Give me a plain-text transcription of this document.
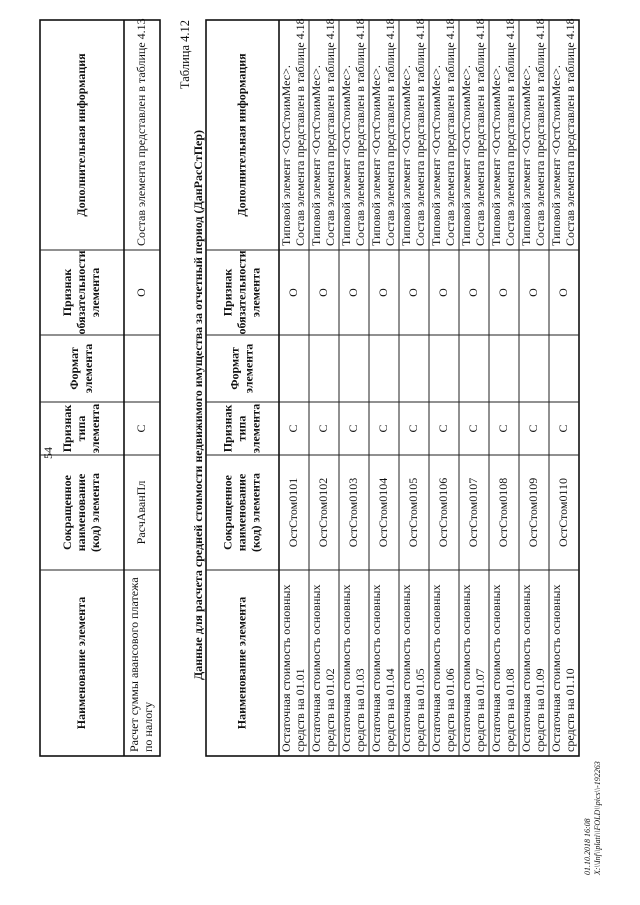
54
Наименование элемента
Сокращенное наименование (код) элемента
Признак типа элемента
Формат элемента
Признак обязательности элемента
Дополнительная информация
Расчет суммы авансового платежа по налогу
РасчАванПл
С
О
Состав элемента представлен в таблице 4.13 Таблица 4.12
Данные для расчета средней стоимости недвижимого имущества за отчетный период (ДанРасСтПер) Наименование элемента
Сокращенное наименование (код) элемента
Признак типа элемента
Формат элемента
Признак обязательности элемента
Дополнительная информация
Остаточная стоимость основных средств на 01.01
ОстСтом0101
С
О
Типовой элемент <ОстСтоимМес>. Состав элемента представлен в таблице 4.18
Остаточная стоимость основных средств на 01.02
ОстСтом0102
С
О
Типовой элемент <ОстСтоимМес>. Состав элемента представлен в таблице 4.18
Остаточная стоимость основных средств на 01.03
ОстСтом0103
С
О
Типовой элемент <ОстСтоимМес>. Состав элемента представлен в таблице 4.18
Остаточная стоимость основных средств на 01.04
ОстСтом0104
С
О
Типовой элемент <ОстСтоимМес>. Состав элемента представлен в таблице 4.18
Остаточная стоимость основных средств на 01.05
ОстСтом0105
С
О
Типовой элемент <ОстСтоимМес>. Состав элемента представлен в таблице 4.18
Остаточная стоимость основных средств на 01.06
ОстСтом0106
С
О
Типовой элемент <ОстСтоимМес>. Состав элемента представлен в таблице 4.18
Остаточная стоимость основных средств на 01.07
ОстСтом0107
С
О
Типовой элемент <ОстСтоимМес>. Состав элемента представлен в таблице 4.18
Остаточная стоимость основных средств на 01.08
ОстСтом0108
С
О
Типовой элемент <ОстСтоимМес>. Состав элемента представлен в таблице 4.18
Остаточная стоимость основных средств на 01.09
ОстСтом0109
С
О
Типовой элемент <ОстСтоимМес>. Состав элемента представлен в таблице 4.18
Остаточная стоимость основных средств на 01.10
ОстСтом0110
С
О
Типовой элемент <ОстСтоимМес>. Состав элемента представлен в таблице 4.18
01.10.2018 16:08 X:\\Inf\\plati\\FOLD\\pics\\-192263
